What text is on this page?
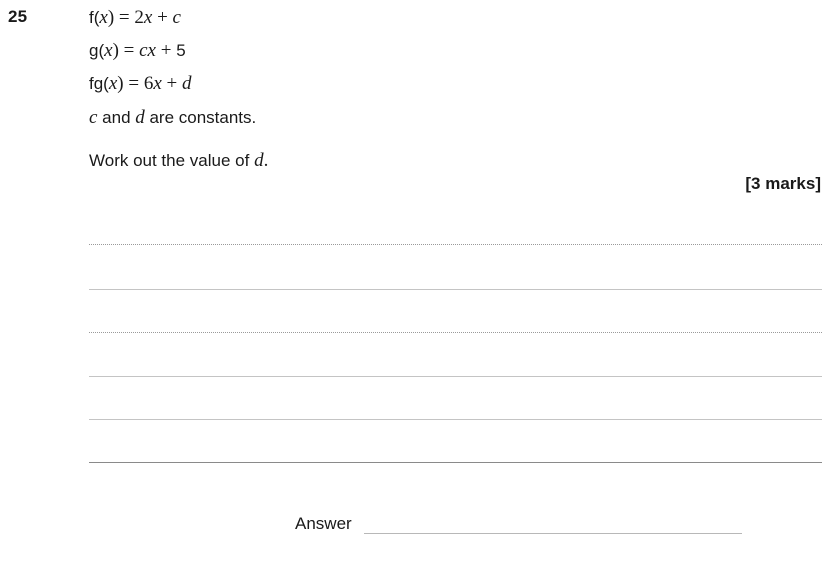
25	f(x) = 2x + c
g(x) = cx + 5
fg(x) = 6x + d
c and d are constants.
Work out the value of d.
[3 marks]
Answer
